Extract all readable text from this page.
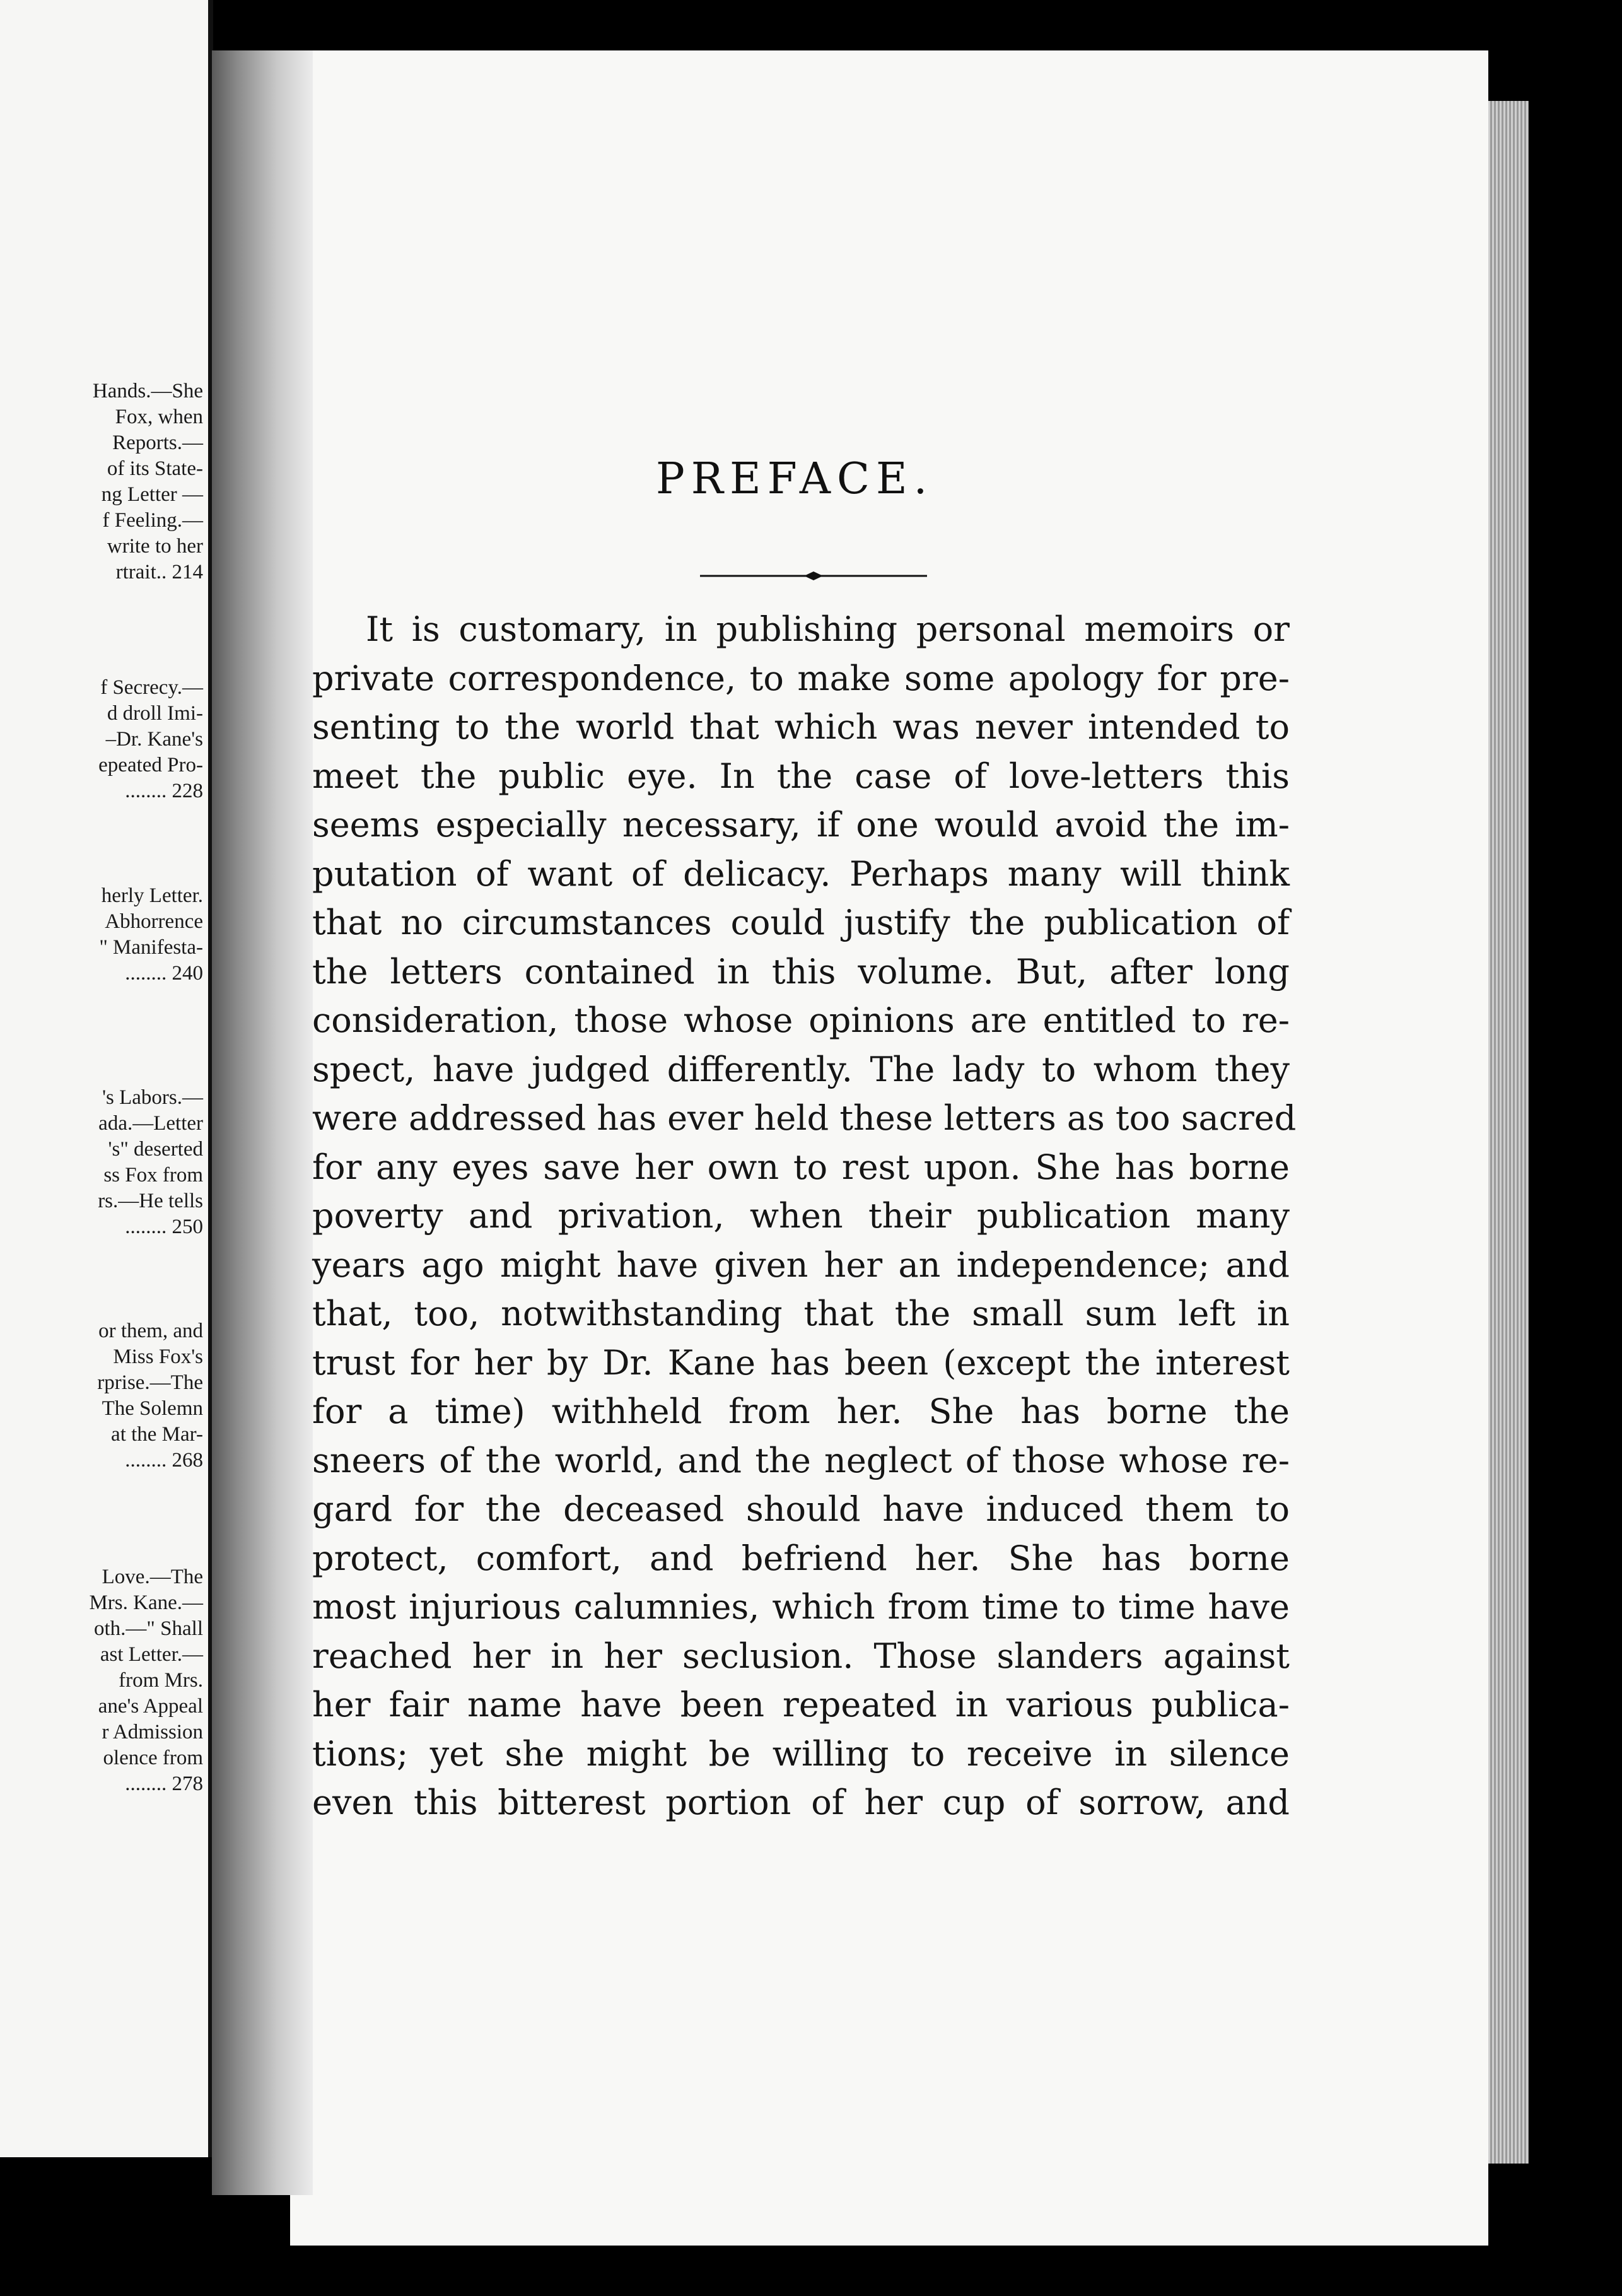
Hands.—She
Fox, when
Reports.—
of its State-
ng Letter —
f Feeling.—
write to her
rtrait.. 214
f Secrecy.—
d droll Imi-
–Dr. Kane's
epeated Pro-
........ 228
herly Letter.
Abhorrence
" Manifesta-
........ 240
's Labors.—
ada.—Letter
's" deserted
ss Fox from
rs.—He tells
........ 250
or them, and
Miss Fox's
rprise.—The
The Solemn
at the Mar-
........ 268
Love.—The
Mrs. Kane.—
oth.—" Shall
ast Letter.—
from Mrs.
ane's Appeal
r Admission
olence from
........ 278
PREFACE.
It is customary, in publishing personal memoirs or
private correspondence, to make some apology for pre-
senting to the world that which was never intended to
meet the public eye. In the case of love-letters this
seems especially necessary, if one would avoid the im-
putation of want of delicacy. Perhaps many will think
that no circumstances could justify the publication of
the letters contained in this volume. But, after long
consideration, those whose opinions are entitled to re-
spect, have judged differently. The lady to whom they
were addressed has ever held these letters as too sacred
for any eyes save her own to rest upon. She has borne
poverty and privation, when their publication many
years ago might have given her an independence; and
that, too, notwithstanding that the small sum left in
trust for her by Dr. Kane has been (except the interest
for a time) withheld from her. She has borne the
sneers of the world, and the neglect of those whose re-
gard for the deceased should have induced them to
protect, comfort, and befriend her. She has borne
most injurious calumnies, which from time to time have
reached her in her seclusion. Those slanders against
her fair name have been repeated in various publica-
tions; yet she might be willing to receive in silence
even this bitterest portion of her cup of sorrow, and
